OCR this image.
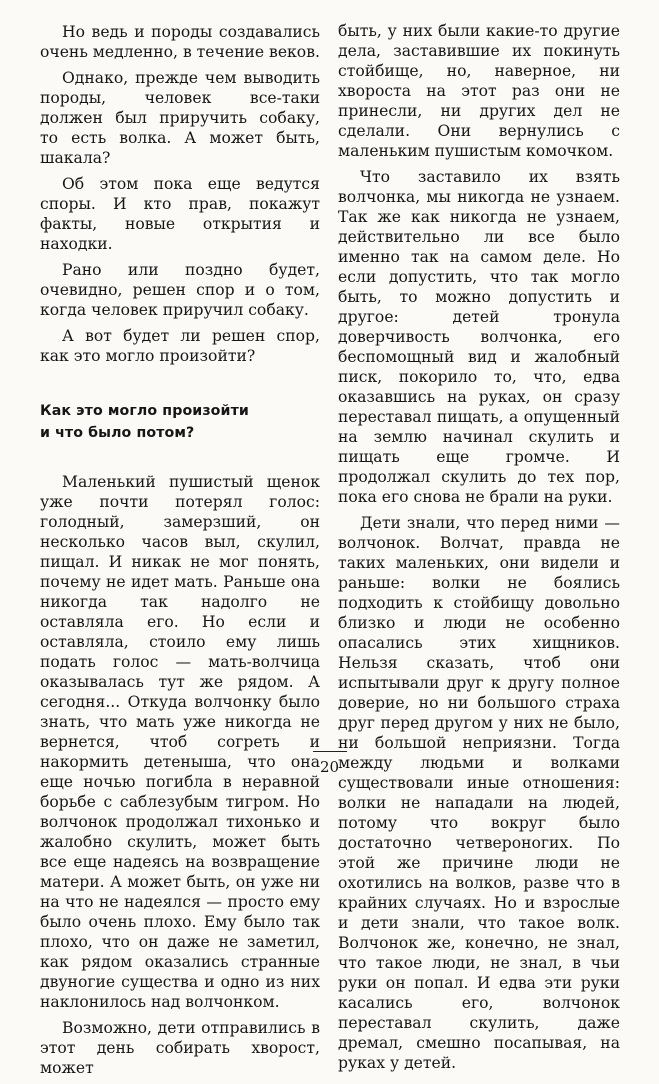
Но ведь и породы создавались очень медленно, в течение веков.

Однако, прежде чем выводить породы, человек все-таки должен был приручить собаку, то есть волка. А может быть, шакала?

Об этом пока еще ведутся споры. И кто прав, покажут факты, новые открытия и находки.

Рано или поздно будет, очевидно, решен спор и о том, когда человек приручил собаку.

А вот будет ли решен спор, как это могло произойти?

Как это могло произойти
и что было потом?

Маленький пушистый щенок уже почти потерял голос: голодный, замерзший, он несколько часов выл, скулил, пищал. И никак не мог понять, почему не идет мать. Раньше она никогда так надолго не оставляла его. Но если и оставляла, стоило ему лишь подать голос — мать-волчица оказывалась тут же рядом. А сегодня... Откуда волчонку было знать, что мать уже никогда не вернется, чтоб согреть и накормить детеныша, что она еще ночью погибла в неравной борьбе с саблезубым тигром. Но волчонок продолжал тихонько и жалобно скулить, может быть все еще надеясь на возвращение матери. А может быть, он уже ни на что не надеялся — просто ему было очень плохо. Ему было так плохо, что он даже не заметил, как рядом оказались странные двуногие существа и одно из них наклонилось над волчонком.

Возможно, дети отправились в этот день собирать хворост, может

быть, у них были какие-то другие дела, заставившие их покинуть стойбище, но, наверное, ни хвороста на этот раз они не принесли, ни других дел не сделали. Они вернулись с маленьким пушистым комочком.

Что заставило их взять волчонка, мы никогда не узнаем. Так же как никогда не узнаем, действительно ли все было именно так на самом деле. Но если допустить, что так могло быть, то можно допустить и другое: детей тронула доверчивость волчонка, его беспомощный вид и жалобный писк, покорило то, что, едва оказавшись на руках, он сразу переставал пищать, а опущенный на землю начинал скулить и пищать еще громче. И продолжал скулить до тех пор, пока его снова не брали на руки.

Дети знали, что перед ними — волчонок. Волчат, правда не таких маленьких, они видели и раньше: волки не боялись подходить к стойбищу довольно близко и люди не особенно опасались этих хищников. Нельзя сказать, чтоб они испытывали друг к другу полное доверие, но ни большого страха друг перед другом у них не было, ни большой неприязни. Тогда между людьми и волками существовали иные отношения: волки не нападали на людей, потому что вокруг было достаточно четвероногих. По этой же причине люди не охотились на волков, разве что в крайних случаях. Но и взрослые и дети знали, что такое волк. Волчонок же, конечно, не знал, что такое люди, не знал, в чьи руки он попал. И едва эти руки касались его, волчонок переставал скулить, даже дремал, смешно посапывая, на руках у детей.

20
